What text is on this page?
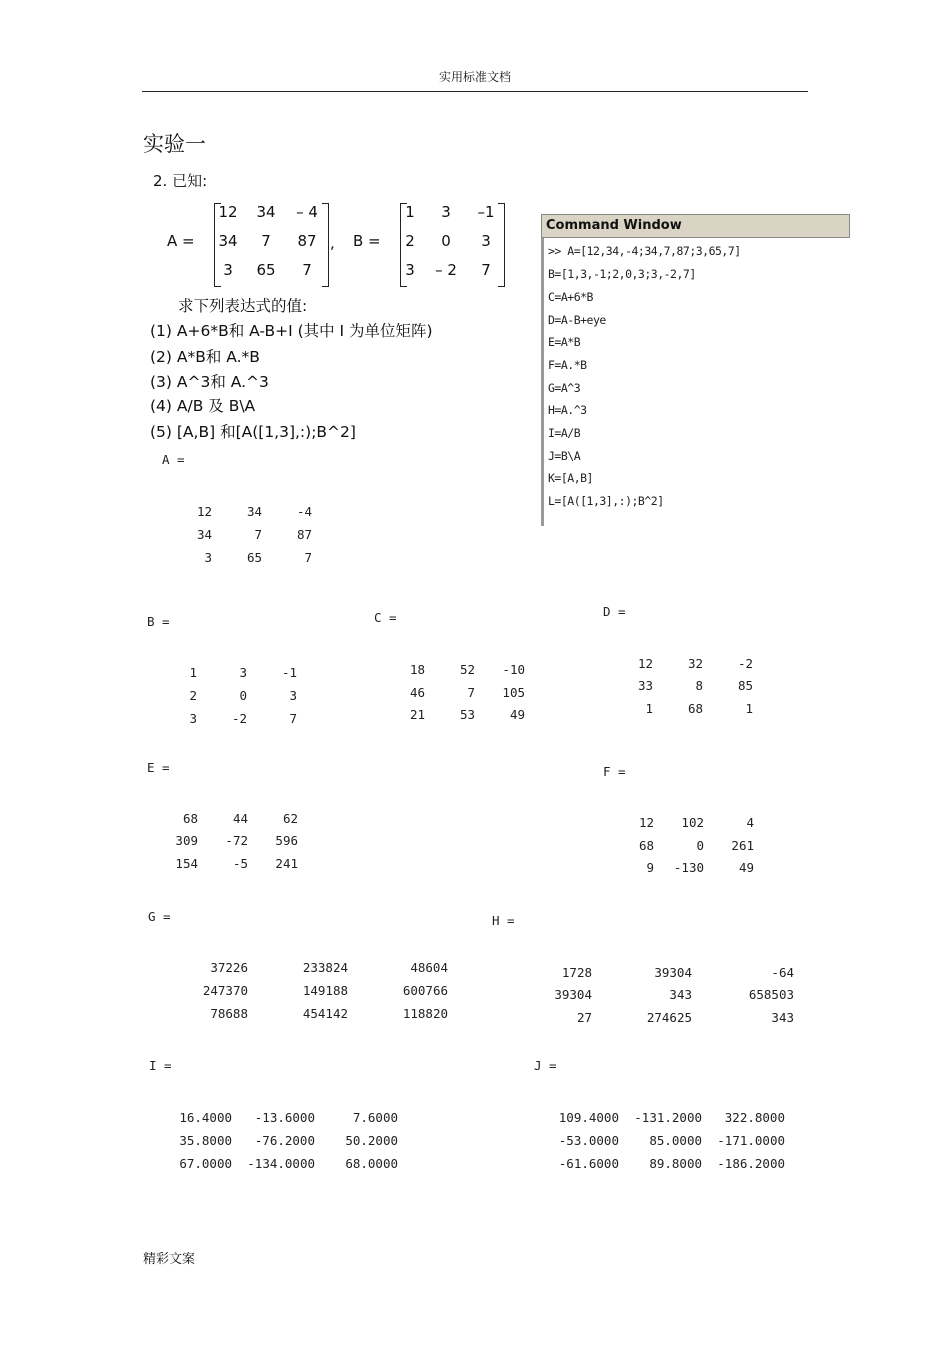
实用标准文档
实验一
2. 已知:
A =
12	34	– 4
34	7	87
3	65	7
, B =
1	3	–1
2	0	3
3	– 2	7
求下列表达式的值:
(1) A+6*B和 A-B+I (其中 I 为单位矩阵)
(2) A*B和 A.*B
(3) A^3和 A.^3
(4) A/B 及 B\A
(5) [A,B] 和[A([1,3],:);B^2]
Command Window
>> A=[12,34,-4;34,7,87;3,65,7]
B=[1,3,-1;2,0,3;3,-2,7]
C=A+6*B
D=A-B+eye
E=A*B
F=A.*B
G=A^3
H=A.^3
I=A/B
J=B\A
K=[A,B]
L=[A([1,3],:);B^2]
A =
12	34	-4
34	7	87
3	65	7
B =
1	3	-1
2	0	3
3	-2	7
C =
18	52	-10
46	7	105
21	53	49
D =
12	32	-2
33	8	85
1	68	1
E =
68	44	62
309	-72	596
154	-5	241
F =
12	102	4
68	0	261
9	-130	49
G =
37226	233824	48604
247370	149188	600766
78688	454142	118820
H =
1728	39304	-64
39304	343	658503
27	274625	343
I =
16.4000	-13.6000	7.6000
35.8000	-76.2000	50.2000
67.0000	-134.0000	68.0000
J =
109.4000	-131.2000	322.8000
-53.0000	85.0000	-171.0000
-61.6000	89.8000	-186.2000
精彩文案
